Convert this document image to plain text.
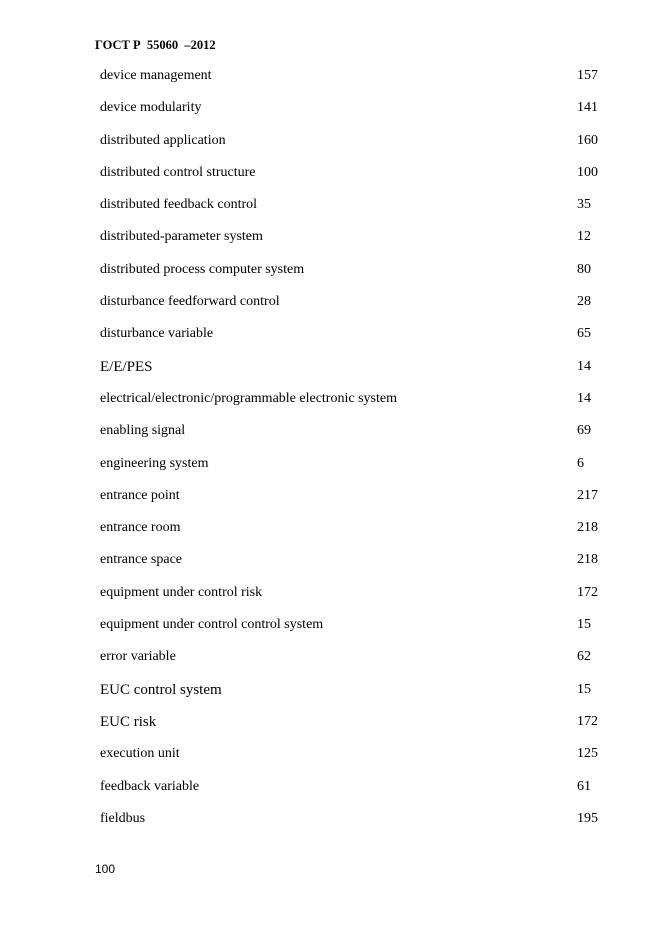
ГОСТ Р  55060  –2012
device management	157
device modularity	141
distributed application	160
distributed control structure	100
distributed feedback control	35
distributed-parameter system	12
distributed process computer system	80
disturbance feedforward control	28
disturbance variable	65
E/E/PES	14
electrical/electronic/programmable electronic system	14
enabling signal	69
engineering system	6
entrance point	217
entrance room	218
entrance space	218
equipment under control risk	172
equipment under control control system	15
error variable	62
EUC control system	15
EUC risk	172
execution unit	125
feedback variable	61
fieldbus	195
100
